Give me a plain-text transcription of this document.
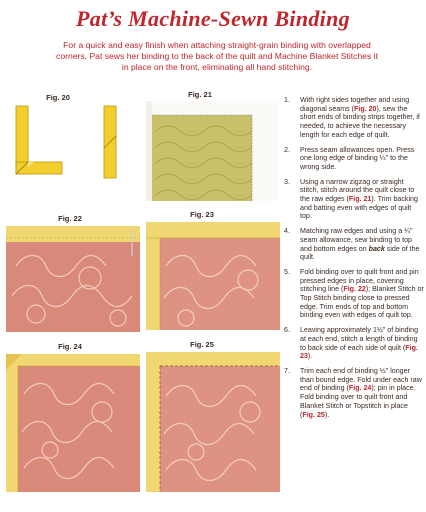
Pat’s Machine-Sewn Binding
For a quick and easy finish when attaching straight-grain binding with overlapped corners, Pat sews her binding to the back of the quilt and Machine Blanket Stitches it in place on the front, eliminating all hand stitching.
Fig. 20	Fig. 21
Fig. 22	Fig. 23
Fig. 24	Fig. 25
1. With right sides together and using diagonal seams (Fig. 20), sew the short ends of binding strips together, if needed, to achieve the necessary length for each edge of quilt.
2. Press seam allowances open. Press one long edge of binding ¼" to the wrong side.
3. Using a narrow zigzag or straight stitch, stitch around the quilt close to the raw edges (Fig. 21). Trim backing and batting even with edges of quilt top.
4. Matching raw edges and using a ¼" seam allowance, sew binding to top and bottom edges on back side of the quilt.
5. Fold binding over to quilt front and pin pressed edges in place, covering stitching line (Fig. 22); Blanket Stitch or Top Stitch binding close to pressed edge. Trim ends of top and bottom binding even with edges of quilt top.
6. Leaving approximately 1½" of binding at each end, stitch a length of binding to back side of each side of quilt (Fig. 23).
7. Trim each end of binding ½" longer than bound edge. Fold under each raw end of binding (Fig. 24); pin in place. Fold binding over to quilt front and Blanket Stitch or Topstitch in place (Fig. 25).
